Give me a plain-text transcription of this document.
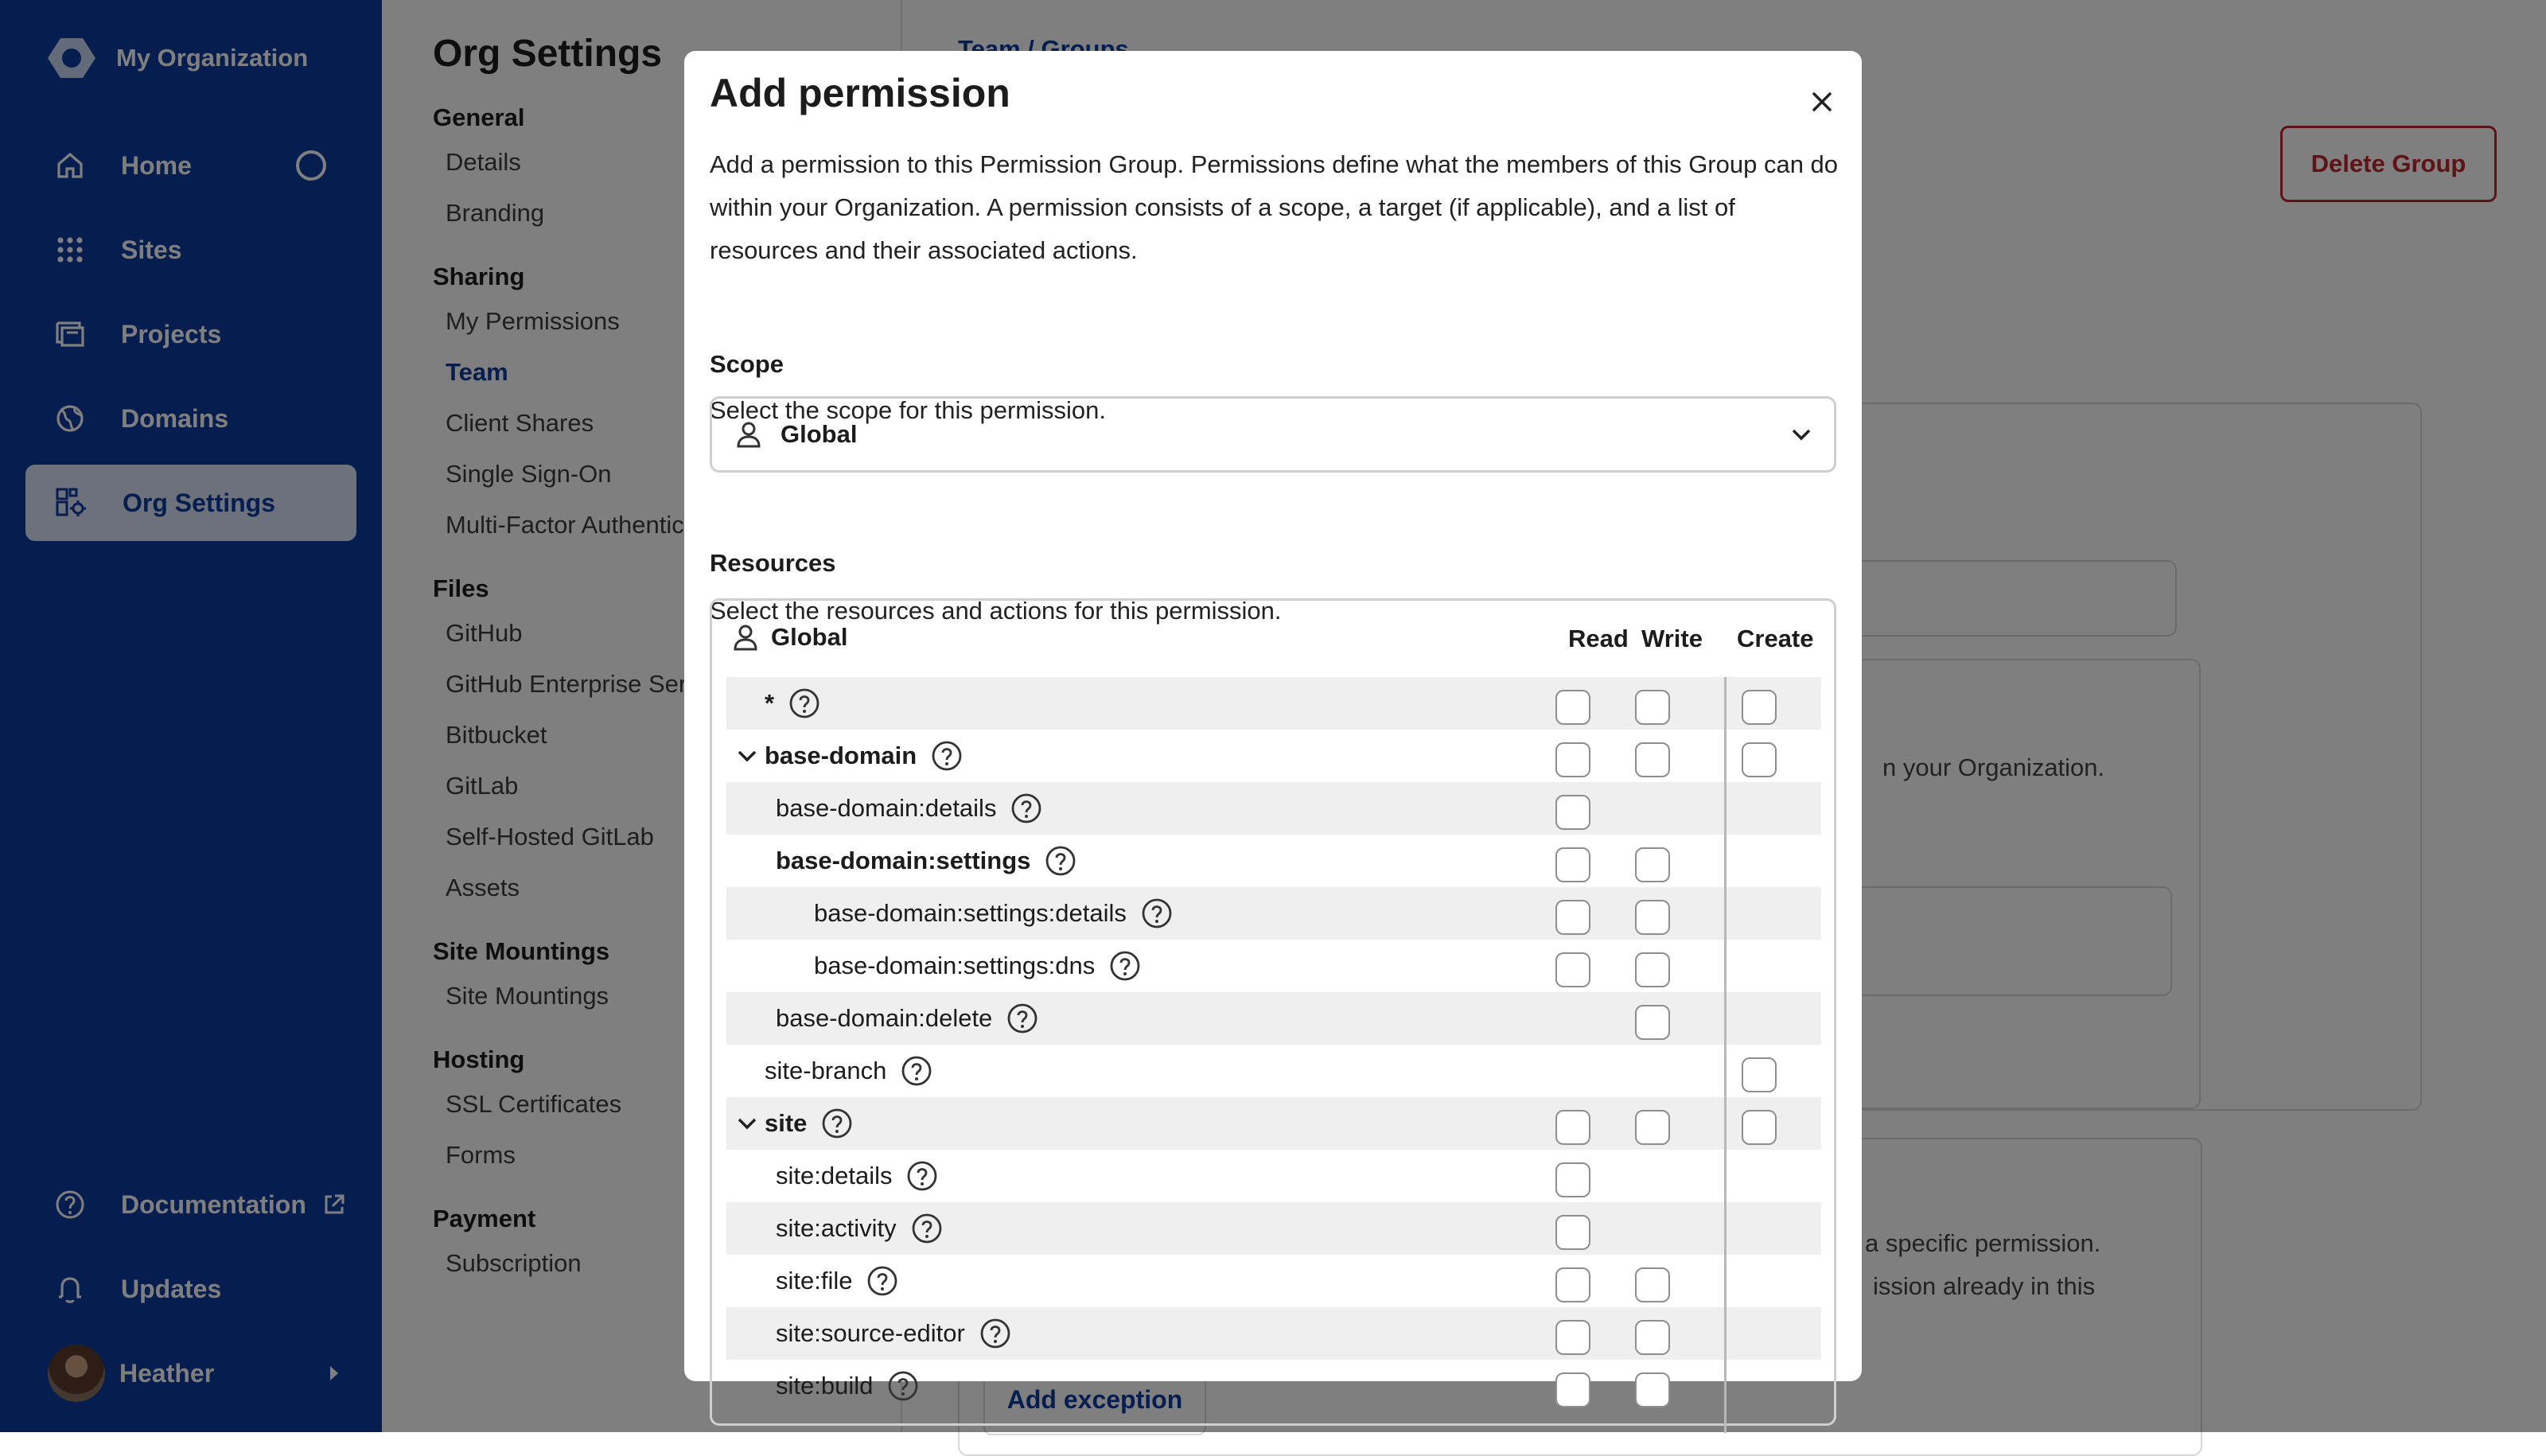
Add permission

Add a permission to this Permission Group. Permissions define what the members of this Group can do within your Organization. A permission consists of a scope, a target (if applicable), and a list of resources and their associated actions.

Scope
Select the scope for this permission.
Global
Resources
Select the resources and actions for this permission.
Global	Read Write Create
*
base-domain
base-domain:details
base-domain:settings
base-domain:settings:details
base-domain:settings:dns
base-domain:delete
site-branch
site
site:details
site:activity
site:file
site:source-editor
site:build
